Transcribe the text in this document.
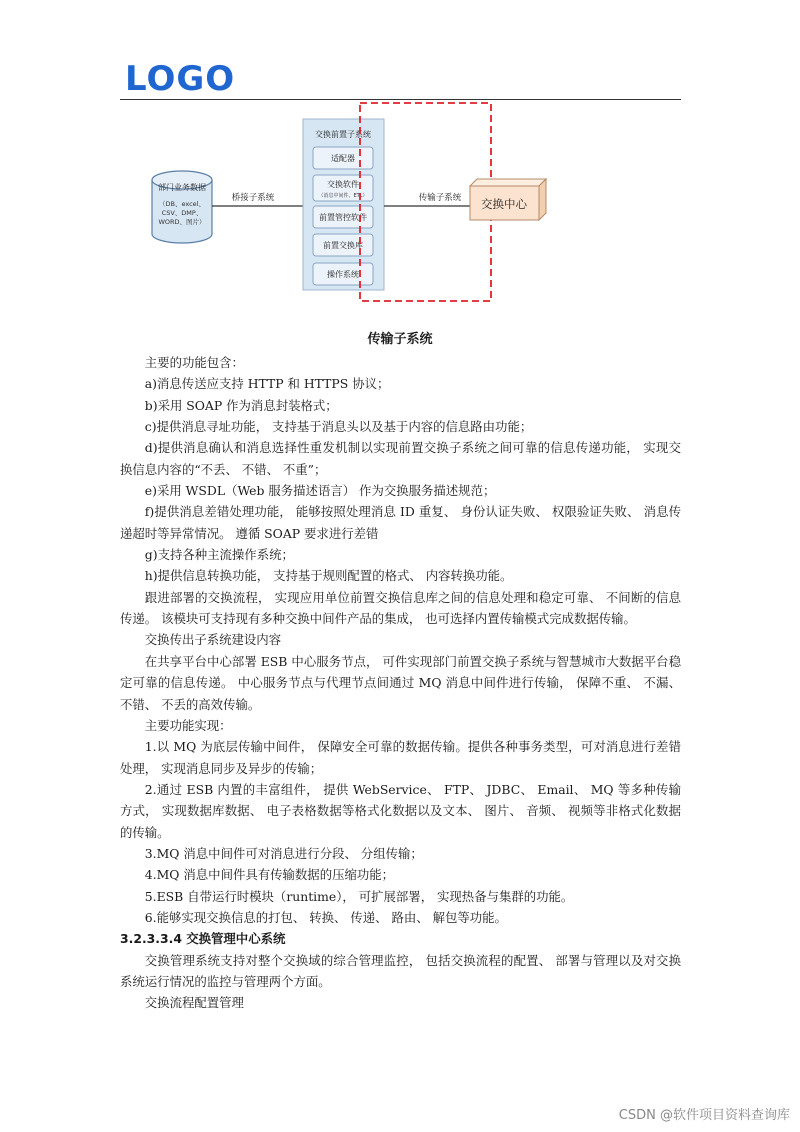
LOGO
部门业务数据
（DB、excel、
CSV、DMP、
WORD、图片）
桥接子系统
交换前置子系统
适配器
交换软件
（消息中间件、ETL）
前置管控软件
前置交换库
操作系统
传输子系统 交换中心
传输子系统

主要的功能包含：

a)消息传送应支持 HTTP 和 HTTPS 协议；

b)采用 SOAP 作为消息封装格式；

c)提供消息寻址功能， 支持基于消息头以及基于内容的信息路由功能；

d)提供消息确认和消息选择性重发机制以实现前置交换子系统之间可靠的信息传递功能， 实现交换信息内容的“不丢、 不错、 不重”；

e)采用 WSDL（Web 服务描述语言） 作为交换服务描述规范；

f)提供消息差错处理功能， 能够按照处理消息 ID 重复、 身份认证失败、 权限验证失败、 消息传递超时等异常情况。 遵循 SOAP 要求进行差错

g)支持各种主流操作系统；

h)提供信息转换功能， 支持基于规则配置的格式、 内容转换功能。

跟进部署的交换流程， 实现应用单位前置交换信息库之间的信息处理和稳定可靠、 不间断的信息传递。 该模块可支持现有多种交换中间件产品的集成， 也可选择内置传输模式完成数据传输。

交换传出子系统建设内容

在共享平台中心部署 ESB 中心服务节点， 可件实现部门前置交换子系统与智慧城市大数据平台稳定可靠的信息传递。 中心服务节点与代理节点间通过 MQ 消息中间件进行传输， 保障不重、 不漏、 不错、 不丢的高效传输。

主要功能实现：

1.以 MQ 为底层传输中间件， 保障安全可靠的数据传输。提供各种事务类型，可对消息进行差错处理， 实现消息同步及异步的传输；

2.通过 ESB 内置的丰富组件， 提供 WebService、 FTP、 JDBC、 Email、 MQ 等多种传输方式， 实现数据库数据、 电子表格数据等格式化数据以及文本、 图片、 音频、 视频等非格式化数据的传输。

3.MQ 消息中间件可对消息进行分段、 分组传输；

4.MQ 消息中间件具有传输数据的压缩功能；

5.ESB 自带运行时模块（runtime）， 可扩展部署， 实现热备与集群的功能。

6.能够实现交换信息的打包、 转换、 传递、 路由、 解包等功能。

3.2.3.3.4 交换管理中心系统

交换管理系统支持对整个交换域的综合管理监控， 包括交换流程的配置、 部署与管理以及对交换系统运行情况的监控与管理两个方面。

交换流程配置管理

CSDN @软件项目资料查询库
